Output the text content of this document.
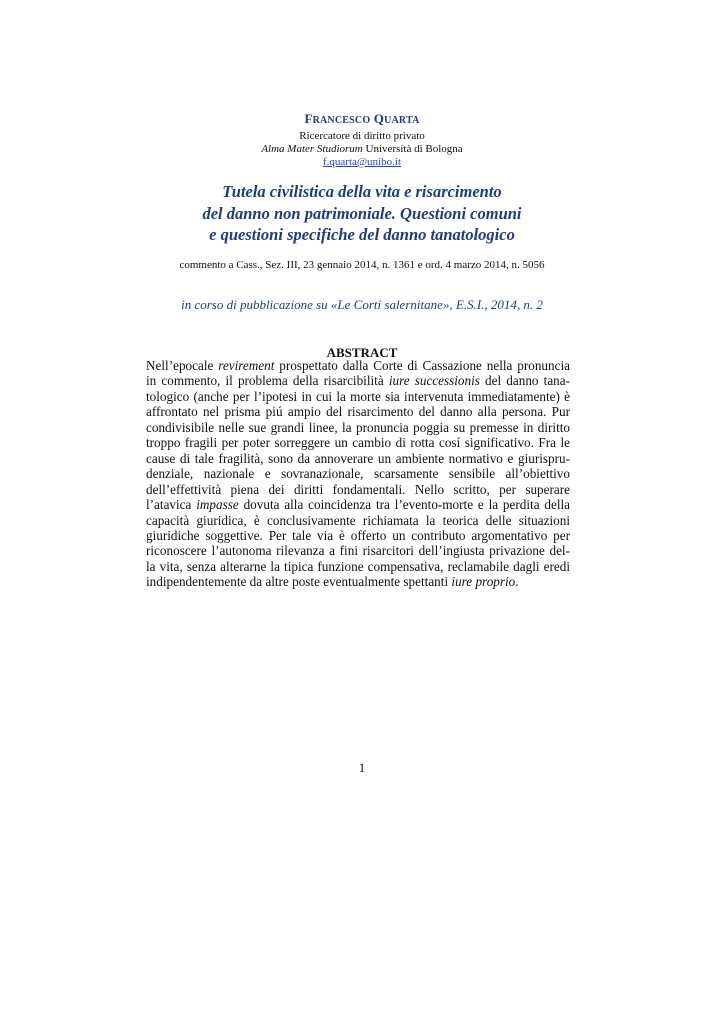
FRANCESCO QUARTA
Ricercatore di diritto privato
Alma Mater Studiorum Università di Bologna
f.quarta@unibo.it
Tutela civilistica della vita e risarcimento
del danno non patrimoniale. Questioni comuni
e questioni specifiche del danno tanatologico
commento a Cass., Sez. III, 23 gennaio 2014, n. 1361 e ord. 4 marzo 2014, n. 5056
in corso di pubblicazione su «Le Corti salernitane», E.S.I., 2014, n. 2
ABSTRACT
Nell’epocale revirement prospettato dalla Corte di Cassazione nella pronuncia
in commento, il problema della risarcibilità iure successionis del danno tana-
tologico (anche per l’ipotesi in cui la morte sia intervenuta immediatamente) è
affrontato nel prisma piú ampio del risarcimento del danno alla persona. Pur
condivisibile nelle sue grandi linee, la pronuncia poggia su premesse in diritto
troppo fragili per poter sorreggere un cambio di rotta cosí significativo. Fra le
cause di tale fragilità, sono da annoverare un ambiente normativo e giurispru-
denziale, nazionale e sovranazionale, scarsamente sensibile all’obiettivo
dell’effettività piena dei diritti fondamentali. Nello scritto, per superare
l’atavica impasse dovuta alla coincidenza tra l’evento-morte e la perdita della
capacità giuridica, è conclusivamente richiamata la teorica delle situazioni
giuridiche soggettive. Per tale via è offerto un contributo argomentativo per
riconoscere l’autonoma rilevanza a fini risarcitori dell’ingiusta privazione del-
la vita, senza alterarne la tipica funzione compensativa, reclamabile dagli eredi
indipendentemente da altre poste eventualmente spettanti iure proprio.
1
